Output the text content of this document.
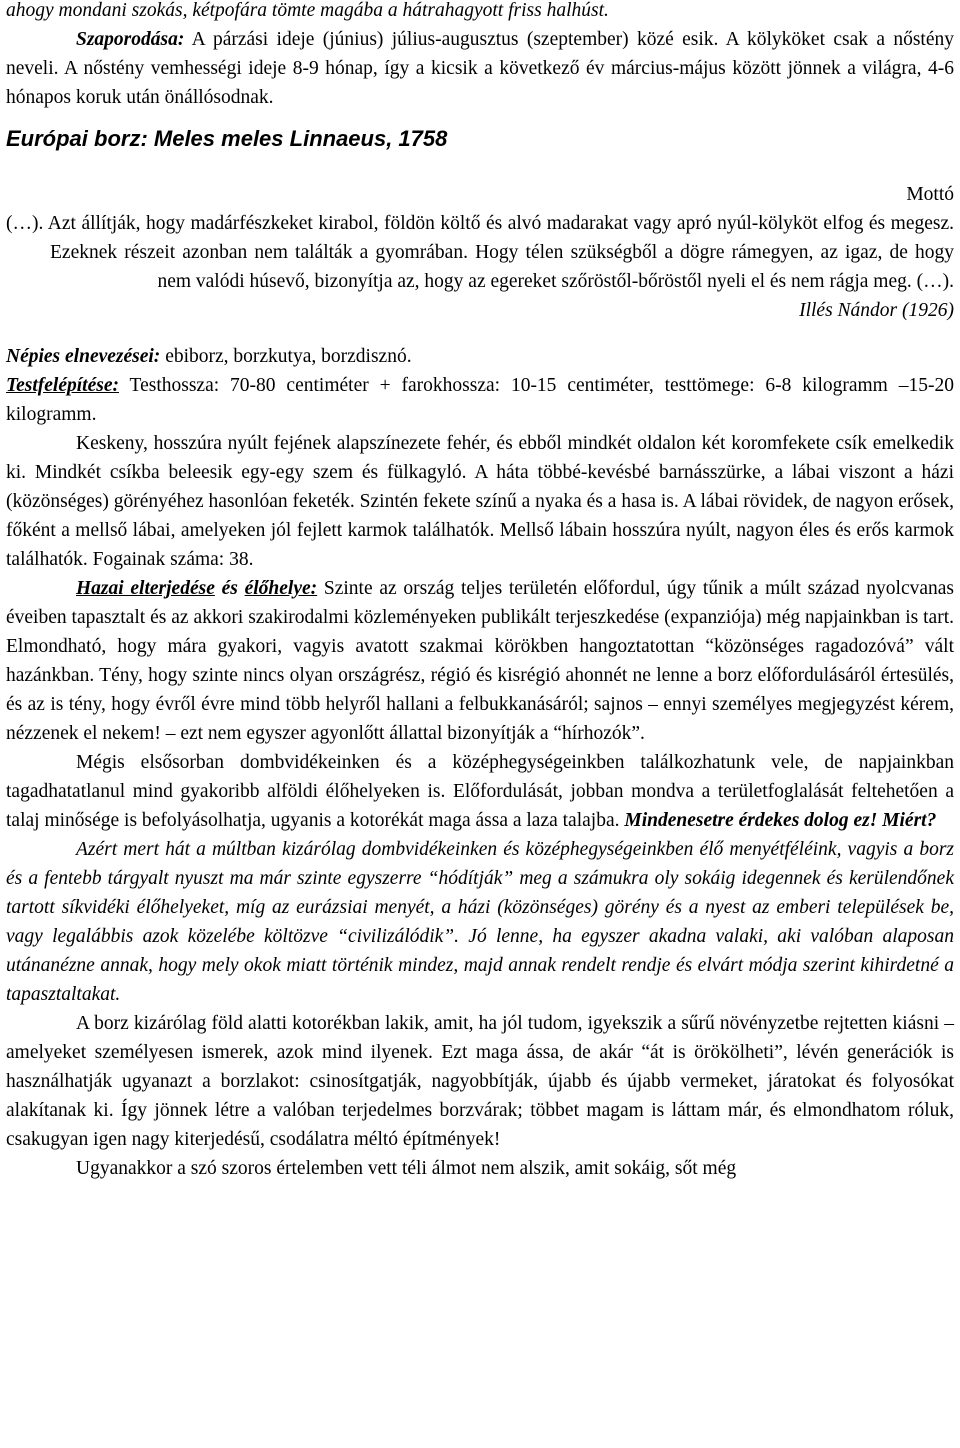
ahogy mondani szokás, kétpofára tömte magába a hátrahagyott friss halhúst.
Szaporodása: A párzási ideje (június) július-augusztus (szeptember) közé esik. A kölyköket csak a nőstény neveli. A nőstény vemhességi ideje 8-9 hónap, így a kicsik a következő év március-május között jönnek a világra, 4-6 hónapos koruk után önállósodnak.

Európai borz: Meles meles Linnaeus, 1758

Mottó

(…). Azt állítják, hogy madárfészkeket kirabol, földön költő és alvó madarakat vagy apró nyúl-kölyköt elfog és megesz. Ezeknek részeit azonban nem találták a gyomrában. Hogy télen szükségből a dögre rámegyen, az igaz, de hogy nem valódi húsevő, bizonyítja az, hogy az egereket szőröstől-bőröstől nyeli el és nem rágja meg. (…).

Illés Nándor (1926)

Népies elnevezései: ebiborz, borzkutya, borzdisznó.

Testfelépítése: Testhossza: 70-80 centiméter + farokhossza: 10-15 centiméter, testtömege: 6-8 kilogramm –15-20 kilogramm.

Keskeny, hosszúra nyúlt fejének alapszínezete fehér, és ebből mindkét oldalon két koromfekete csík emelkedik ki. Mindkét csíkba beleesik egy-egy szem és fülkagyló. A háta többé-kevésbé barnásszürke, a lábai viszont a házi (közönséges) görényéhez hasonlóan feketék. Szintén fekete színű a nyaka és a hasa is. A lábai rövidek, de nagyon erősek, főként a mellső lábai, amelyeken jól fejlett karmok találhatók. Mellső lábain hosszúra nyúlt, nagyon éles és erős karmok találhatók. Fogainak száma: 38.

Hazai elterjedése és élőhelye: Szinte az ország teljes területén előfordul, úgy tűnik a múlt század nyolcvanas éveiben tapasztalt és az akkori szakirodalmi közleményeken publikált terjeszkedése (expanziója) még napjainkban is tart. Elmondható, hogy mára gyakori, vagyis avatott szakmai körökben hangoztatottan “közönséges ragadozóvá” vált hazánkban. Tény, hogy szinte nincs olyan országrész, régió és kisrégió ahonnét ne lenne a borz előfordulásáról értesülés, és az is tény, hogy évről évre mind több helyről hallani a felbukkanásáról; sajnos – ennyi személyes megjegyzést kérem, nézzenek el nekem! – ezt nem egyszer agyonlőtt állattal bizonyítják a “hírhozók”.

Mégis elsősorban dombvidékeinken és a középhegységeinkben találkozhatunk vele, de napjainkban tagadhatatlanul mind gyakoribb alföldi élőhelyeken is. Előfordulását, jobban mondva a területfoglalását feltehetően a talaj minősége is befolyásolhatja, ugyanis a kotorékát maga ássa a laza talajba. Mindenesetre érdekes dolog ez! Miért?

Azért mert hát a múltban kizárólag dombvidékeinken és középhegységeinkben élő menyétféléink, vagyis a borz és a fentebb tárgyalt nyuszt ma már szinte egyszerre “hódítják” meg a számukra oly sokáig idegennek és kerülendőnek tartott síkvidéki élőhelyeket, míg az eurázsiai menyét, a házi (közönséges) görény és a nyest az emberi települések be, vagy legalábbis azok közelébe költözve “civilizálódik”. Jó lenne, ha egyszer akadna valaki, aki valóban alaposan utánanézne annak, hogy mely okok miatt történik mindez, majd annak rendelt rendje és elvárt módja szerint kihirdetné a tapasztaltakat.

A borz kizárólag föld alatti kotorékban lakik, amit, ha jól tudom, igyekszik a sűrű növényzetbe rejtetten kiásni – amelyeket személyesen ismerek, azok mind ilyenek. Ezt maga ássa, de akár “át is örökölheti”, lévén generációk is használhatják ugyanazt a borzlakot: csinosítgatják, nagyobbítják, újabb és újabb vermeket, járatokat és folyosókat alakítanak ki. Így jönnek létre a valóban terjedelmes borzvárak; többet magam is láttam már, és elmondhatom róluk, csakugyan igen nagy kiterjedésű, csodálatra méltó építmények!

Ugyanakkor a szó szoros értelemben vett téli álmot nem alszik, amit sokáig, sőt még
